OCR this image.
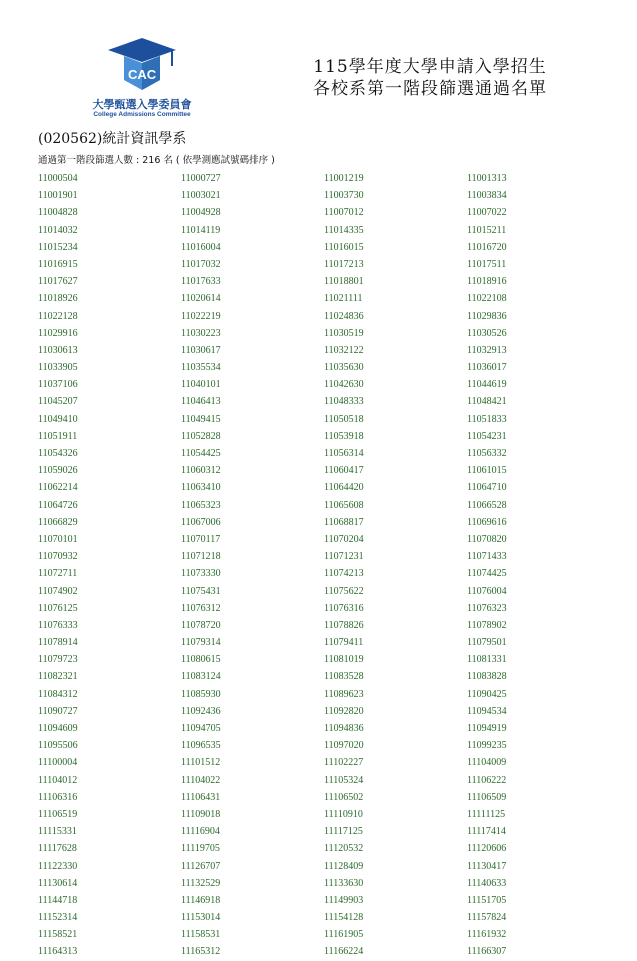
CAC
大學甄選入學委員會
College Admissions Committee
115學年度大學申請入學招生
各校系第一階段篩選通過名單
(020562)統計資訊學系
通過第一階段篩選人數 : 216 名 ( 依學測應試號碼排序 )
11000504	11000727	11001219	11001313
11001901	11003021	11003730	11003834
11004828	11004928	11007012	11007022
11014032	11014119	11014335	11015211
11015234	11016004	11016015	11016720
11016915	11017032	11017213	11017511
11017627	11017633	11018801	11018916
11018926	11020614	11021111	11022108
11022128	11022219	11024836	11029836
11029916	11030223	11030519	11030526
11030613	11030617	11032122	11032913
11033905	11035534	11035630	11036017
11037106	11040101	11042630	11044619
11045207	11046413	11048333	11048421
11049410	11049415	11050518	11051833
11051911	11052828	11053918	11054231
11054326	11054425	11056314	11056332
11059026	11060312	11060417	11061015
11062214	11063410	11064420	11064710
11064726	11065323	11065608	11066528
11066829	11067006	11068817	11069616
11070101	11070117	11070204	11070820
11070932	11071218	11071231	11071433
11072711	11073330	11074213	11074425
11074902	11075431	11075622	11076004
11076125	11076312	11076316	11076323
11076333	11078720	11078826	11078902
11078914	11079314	11079411	11079501
11079723	11080615	11081019	11081331
11082321	11083124	11083528	11083828
11084312	11085930	11089623	11090425
11090727	11092436	11092820	11094534
11094609	11094705	11094836	11094919
11095506	11096535	11097020	11099235
11100004	11101512	11102227	11104009
11104012	11104022	11105324	11106222
11106316	11106431	11106502	11106509
11106519	11109018	11110910	11111125
11115331	11116904	11117125	11117414
11117628	11119705	11120532	11120606
11122330	11126707	11128409	11130417
11130614	11132529	11133630	11140633
11144718	11146918	11149903	11151705
11152314	11153014	11154128	11157824
11158521	11158531	11161905	11161932
11164313	11165312	11166224	11166307
